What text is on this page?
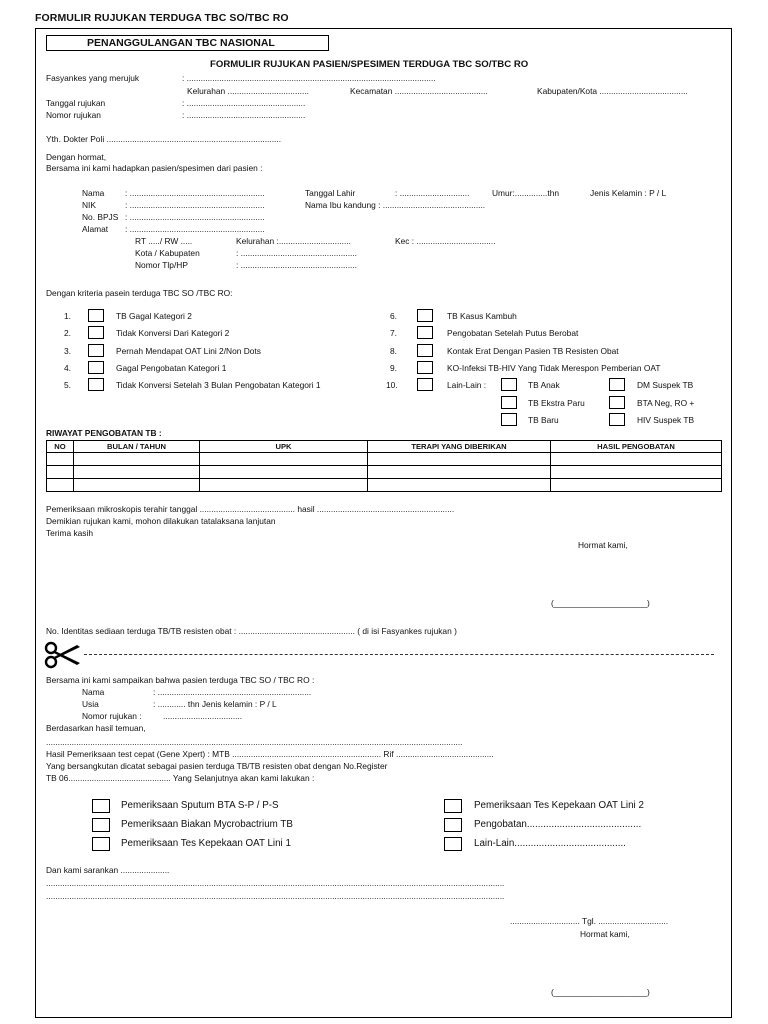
FORMULIR RUJUKAN TERDUGA TBC SO/TBC RO
PENANGGULANGAN TBC NASIONAL
FORMULIR RUJUKAN PASIEN/SPESIMEN TERDUGA TBC SO/TBC RO
Fasyankes yang merujuk	: ...........................................................................................................
Kelurahan ...................................	Kecamatan ........................................	Kabupaten/Kota ......................................
Tanggal rujukan	: ...................................................
Nomor rujukan	: ...................................................
Yth. Dokter Poli ...........................................................................
Dengan hormat,
Bersama ini kami hadapkan pasien/spesimen dari pasien :
Nama : ..........................................................	Tanggal Lahir	: ..............................	Umur:..............thn	Jenis Kelamin : P / L
NIK	: ..........................................................	Nama Ibu kandung : ............................................
No. BPJS : ..........................................................
Alamat : ..........................................................
RT ...../ RW .....	Kelurahan :...............................	Kec : ..................................
Kota / Kabupaten	: ..................................................
Nomor Tlp/HP	: ..................................................
Dengan kriteria pasein terduga TBC SO /TBC RO:
1.	TB Gagal Kategori 2
2.	Tidak Konversi Dari Kategori 2
3.	Pernah Mendapat OAT Lini 2/Non Dots
4.	Gagal Pengobatan Kategori 1
5.	Tidak Konversi Setelah 3 Bulan Pengobatan Kategori 1
6.	TB Kasus Kambuh
7.	Pengobatan Setelah Putus Berobat
8.	Kontak Erat Dengan Pasien TB Resisten Obat
9.	KO-Infeksi TB-HIV Yang Tidak Merespon Pemberian OAT
10.	Lain-Lain :	TB Anak	DM Suspek TB
TB Ekstra Paru	BTA Neg, RO +
TB Baru	HIV Suspek TB
RIWAYAT PENGOBATAN TB :
NO	BULAN / TAHUN	UPK	TERAPI YANG DIBERIKAN	HASIL PENGOBATAN

Pemeriksaan mikroskopis terahir tanggal ......................................... hasil ...........................................................
Demikian rujukan kami, mohon dilakukan tatalaksana lanjutan
Terima kasih
Hormat kami,
(____________________)
No. Identitas sediaan terduga TB/TB resisten obat : .................................................. ( di isi Fasyankes rujukan )
Bersama ini kami sampaikan bahwa pasien terduga TBC SO / TBC RO :
Nama	: ..................................................................
Usia	: ............ thn Jenis kelamin : P / L
Nomor rujukan :	..................................
Berdasarkan hasil temuan,
...................................................................................................................................................................................
Hasil Pemeriksaan test cepat (Gene Xpert) : MTB ................................................................ Rif ..........................................
Yang bersangkutan dicatat sebagai pasien terduga TB/TB resisten obat dengan No.Register
TB 06............................................ Yang Selanjutnya akan kami lakukan :
Pemeriksaan Sputum BTA S-P / P-S
Pemeriksaan Biakan Mycrobactrium TB
Pemeriksaan Tes Kepekaan OAT Lini 1
Pemeriksaan Tes Kepekaan OAT Lini 2
Pengobatan..........................................
Lain-Lain.........................................
Dan kami sarankan .....................
.....................................................................................................................................................................................................
.....................................................................................................................................................................................................
.............................. Tgl. ..............................
Hormat kami,
(____________________)
